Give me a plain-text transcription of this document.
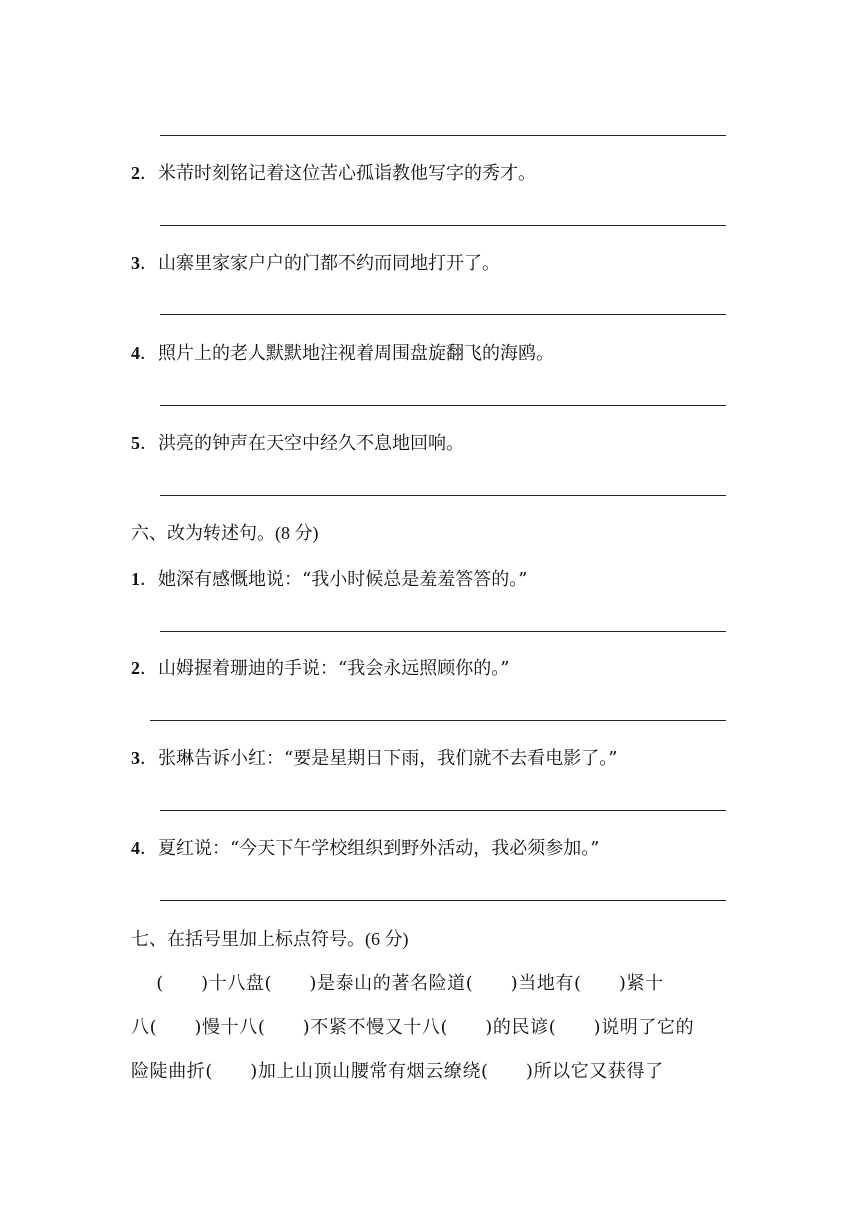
2．米芾时刻铭记着这位苦心孤诣教他写字的秀才。
3．山寨里家家户户的门都不约而同地打开了。
4．照片上的老人默默地注视着周围盘旋翻飞的海鸥。
5．洪亮的钟声在天空中经久不息地回响。
六、改为转述句。(8 分)
1．她深有感慨地说：“我小时候总是羞羞答答的。”
2．山姆握着珊迪的手说：“我会永远照顾你的。”
3．张琳告诉小红：“要是星期日下雨，我们就不去看电影了。”
4．夏红说：“今天下午学校组织到野外活动，我必须参加。”
七、在括号里加上标点符号。(6 分)
(　　)十八盘(　　)是泰山的著名险道(　　)当地有(　　)紧十
八(　　)慢十八(　　)不紧不慢又十八(　　)的民谚(　　)说明了它的
险陡曲折(　　)加上山顶山腰常有烟云缭绕(　　)所以它又获得了
